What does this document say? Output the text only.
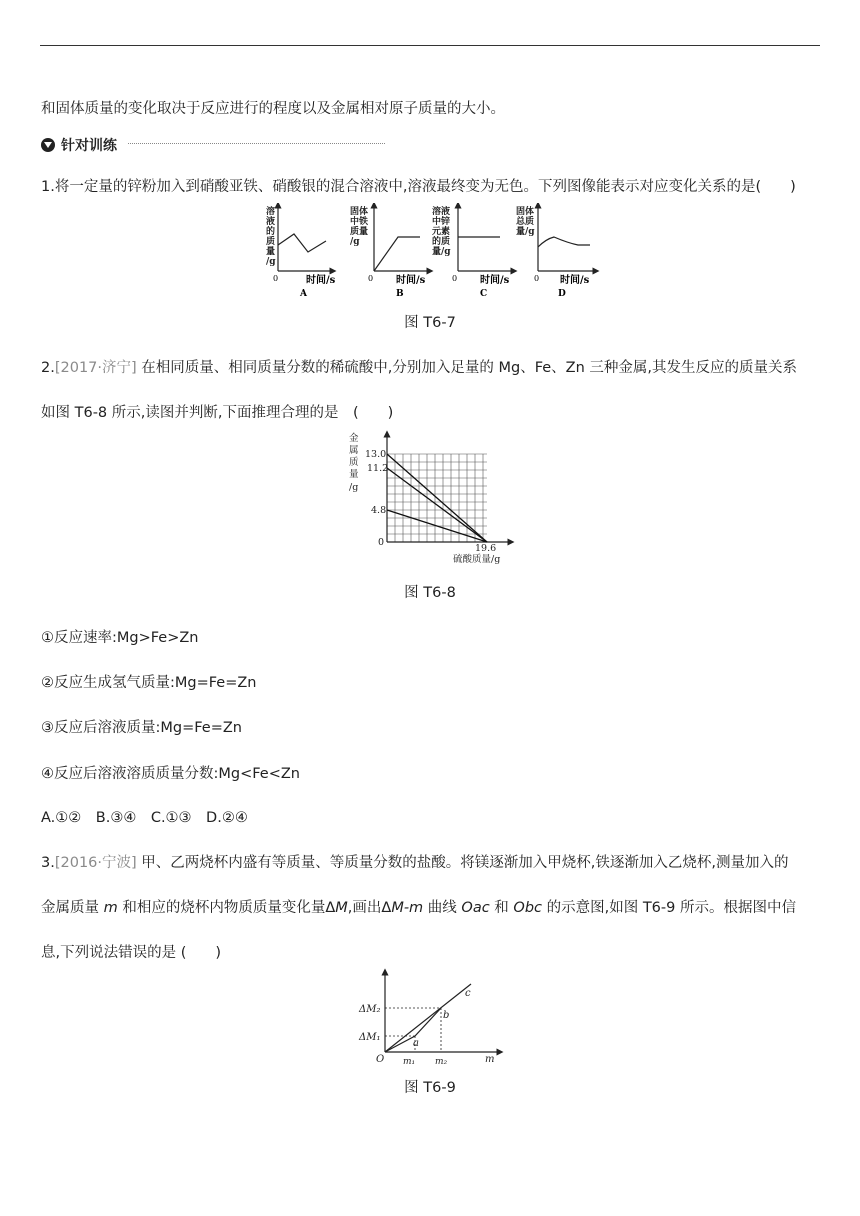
和固体质量的变化取决于反应进行的程度以及金属相对原子质量的大小。
针对训练
1.将一定量的锌粉加入到硝酸亚铁、硝酸银的混合溶液中,溶液最终变为无色。下列图像能表示对应变化关系的是(　　)
溶
液
的
质
量
/g
0	时间/s
A
固体
中铁
质量
/g
0 时间/s
B
溶液
中锌
元素
的质
量/g
0 时间/s
C
固体
总质
量/g
0 时间/s
D
图 T6-7
2.[2017·济宁] 在相同质量、相同质量分数的稀硫酸中,分别加入足量的 Mg、Fe、Zn 三种金属,其发生反应的质量关系
如图 T6-8 所示,读图并判断,下面推理合理的是　(　　)
金
属
质
量
/g
13.0
11.2
4.8
0
19.6
硫酸质量/g
图 T6-8
①反应速率:Mg>Fe>Zn
②反应生成氢气质量:Mg=Fe=Zn
③反应后溶液质量:Mg=Fe=Zn
④反应后溶液溶质质量分数:Mg<Fe<Zn
A.①②　B.③④　C.①③　D.②④
3.[2016·宁波] 甲、乙两烧杯内盛有等质量、等质量分数的盐酸。将镁逐渐加入甲烧杯,铁逐渐加入乙烧杯,测量加入的
金属质量 m 和相应的烧杯内物质质量变化量ΔM,画出ΔM-m 曲线 Oac 和 Obc 的示意图,如图 T6-9 所示。根据图中信
息,下列说法错误的是 (　　)
ΔM₂
ΔM₁
O m₁ m₂	m
a
b
c
图 T6-9
